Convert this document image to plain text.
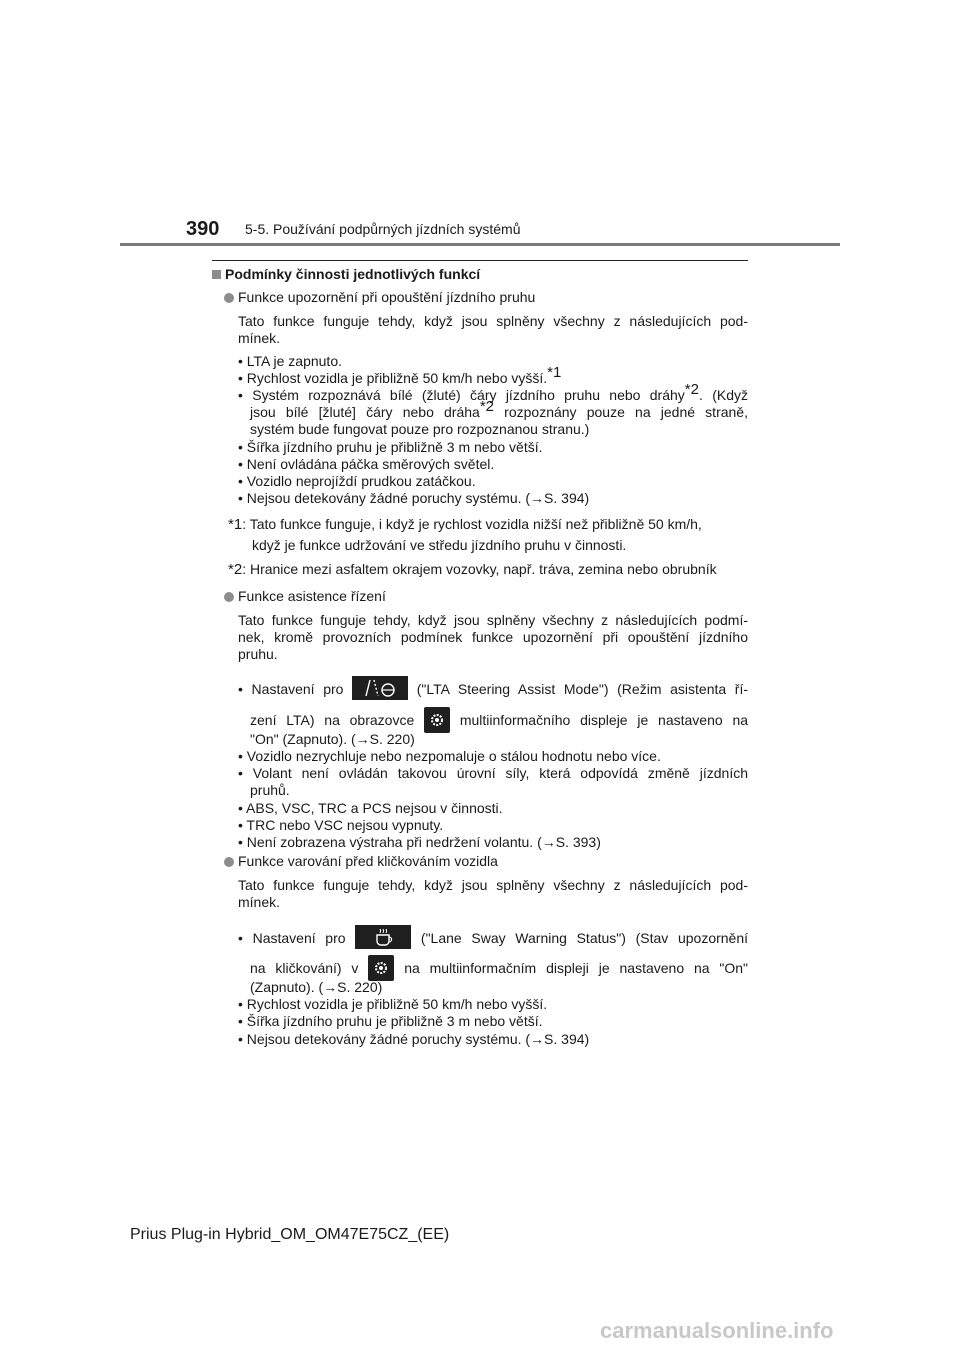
390 5-5. Používání podpůrných jízdních systémů
Podmínky činnosti jednotlivých funkcí
Funkce upozornění při opouštění jízdního pruhu
Tato funkce funguje tehdy, když jsou splněny všechny z následujících pod-
mínek.
• LTA je zapnuto.
• Rychlost vozidla je přibližně 50 km/h nebo vyšší.$^{*1}$
• Systém rozpoznává bílé (žluté) čáry jízdního pruhu nebo dráhy$^{*2}$. (Když
jsou bílé [žluté] čáry nebo dráha$^{*2}$ rozpoznány pouze na jedné straně,
systém bude fungovat pouze pro rozpoznanou stranu.)
• Šířka jízdního pruhu je přibližně 3 m nebo větší.
• Není ovládána páčka směrových světel.
• Vozidlo neprojíždí prudkou zatáčkou.
• Nejsou detekovány žádné poruchy systému. (→S. 394)
*1: Tato funkce funguje, i když je rychlost vozidla nižší než přibližně 50 km/h,
když je funkce udržování ve středu jízdního pruhu v činnosti.
*2: Hranice mezi asfaltem okrajem vozovky, např. tráva, zemina nebo obrubník
Funkce asistence řízení
Tato funkce funguje tehdy, když jsou splněny všechny z následujících podmí-
nek, kromě provozních podmínek funkce upozornění při opouštění jízdního
pruhu.
• Nastavení pro	("LTA Steering Assist Mode") (Režim asistenta ří-
zení LTA) na obrazovce	multiinformačního displeje je nastaveno na
"On" (Zapnuto). (→S. 220)
• Vozidlo nezrychluje nebo nezpomaluje o stálou hodnotu nebo více.
• Volant není ovládán takovou úrovní síly, která odpovídá změně jízdních
pruhů.
• ABS, VSC, TRC a PCS nejsou v činnosti.
• TRC nebo VSC nejsou vypnuty.
• Není zobrazena výstraha při nedržení volantu. (→S. 393)
Funkce varování před kličkováním vozidla
Tato funkce funguje tehdy, když jsou splněny všechny z následujících pod-
mínek.
• Nastavení pro	("Lane Sway Warning Status") (Stav upozornění
na kličkování) v	na multiinformačním displeji je nastaveno na "On"
(Zapnuto). (→S. 220)
• Rychlost vozidla je přibližně 50 km/h nebo vyšší.
• Šířka jízdního pruhu je přibližně 3 m nebo větší.
• Nejsou detekovány žádné poruchy systému. (→S. 394)
Prius Plug-in Hybrid_OM_OM47E75CZ_(EE)
carmanualsonline.info
